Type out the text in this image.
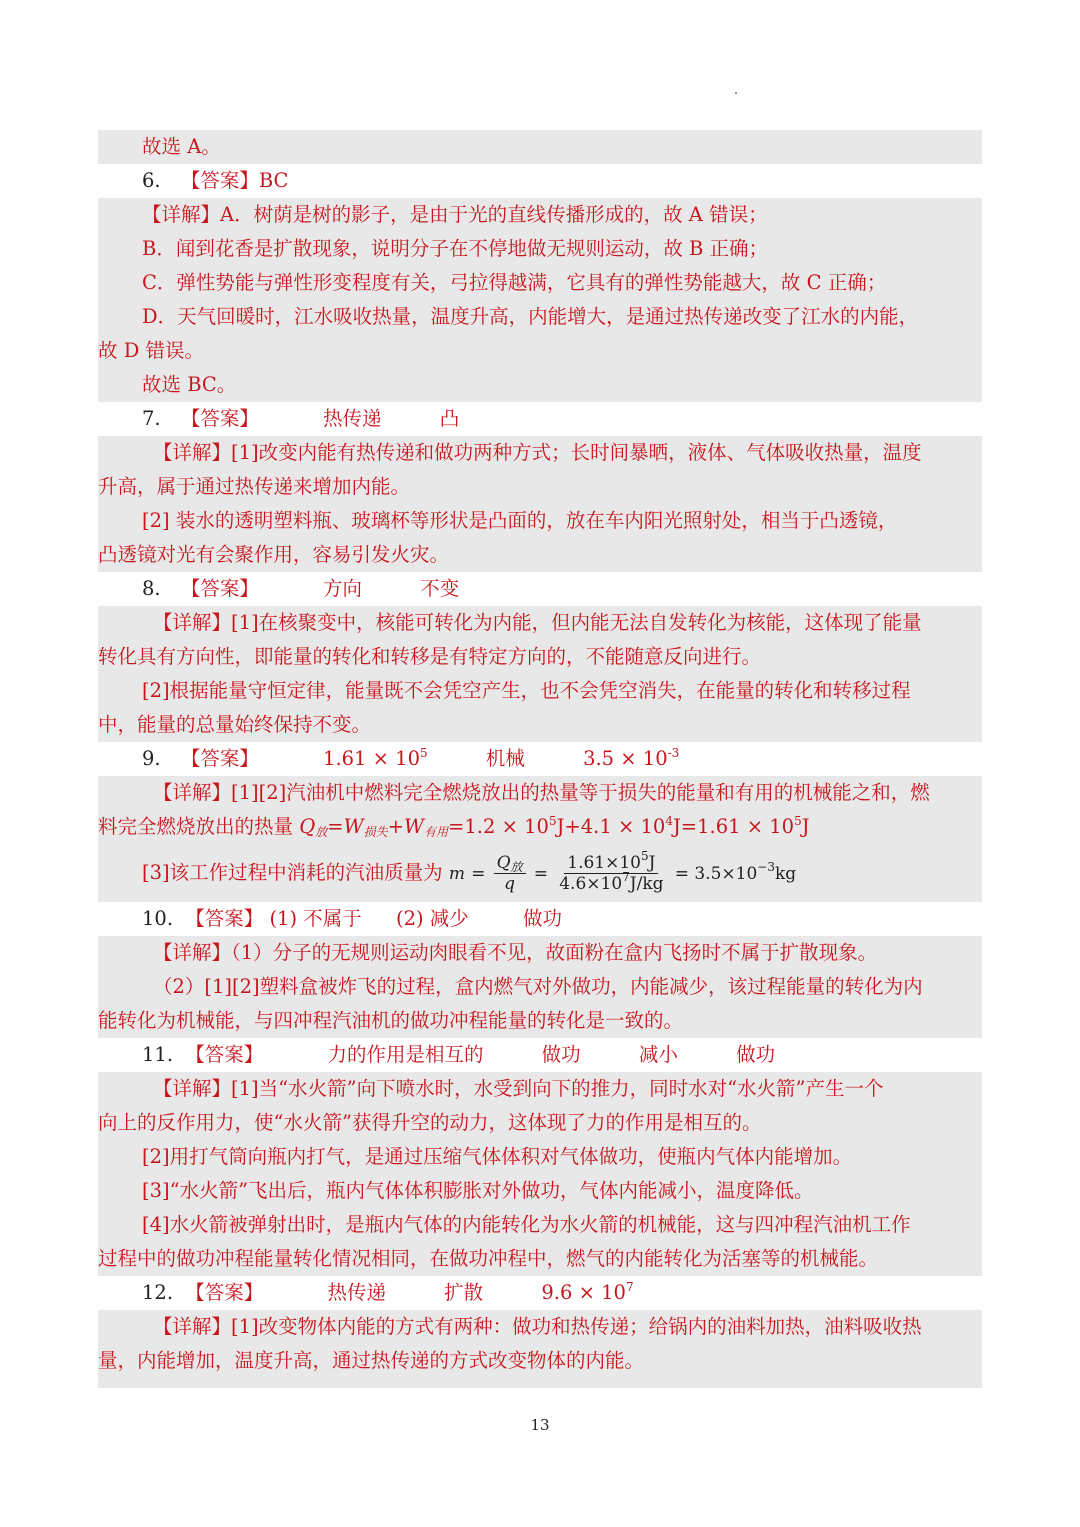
故选 A。
6. 【答案】BC
【详解】A．树荫是树的影子，是由于光的直线传播形成的，故 A 错误；
B．闻到花香是扩散现象，说明分子在不停地做无规则运动，故 B 正确；
C．弹性势能与弹性形变程度有关，弓拉得越满，它具有的弹性势能越大，故 C 正确；
D．天气回暖时，江水吸收热量，温度升高，内能增大，是通过热传递改变了江水的内能，
故 D 错误。
故选 BC。
7. 【答案】	热传递	凸
【详解】[1]改变内能有热传递和做功两种方式；长时间暴晒，液体、气体吸收热量，温度
升高，属于通过热传递来增加内能。
[2] 装水的透明塑料瓶、玻璃杯等形状是凸面的，放在车内阳光照射处，相当于凸透镜，
凸透镜对光有会聚作用，容易引发火灾。
8. 【答案】	方向	不变
【详解】[1]在核聚变中，核能可转化为内能，但内能无法自发转化为核能，这体现了能量
转化具有方向性，即能量的转化和转移是有特定方向的，不能随意反向进行。
[2]根据能量守恒定律，能量既不会凭空产生，也不会凭空消失，在能量的转化和转移过程
中，能量的总量始终保持不变。
9. 【答案】	$1.61 \times 10^5$	机械	$3.5 \times 10^{-3}$
【详解】[1][2]汽油机中燃料完全燃烧放出的热量等于损失的能量和有用的机械能之和，燃
料完全燃烧放出的热量 $Q_放=W_{损失}+W_{有用}=1.2 \times 10^5J+4.1 \times 10^4J=1.61 \times 10^5J$
[3]该工作过程中消耗的汽油质量为 $m = \frac{Q_放}{q} = \frac{1.61\times 10^5J}{4.6\times 10^7J/kg} = 3.5\times 10^{-3}kg$
10. 【答案】 (1) 不属于 (2) 减少	做功
【详解】（1）分子的无规则运动肉眼看不见，故面粉在盒内飞扬时不属于扩散现象。
（2）[1][2]塑料盒被炸飞的过程，盒内燃气对外做功，内能减少，该过程能量的转化为内
能转化为机械能，与四冲程汽油机的做功冲程能量的转化是一致的。
11. 【答案】	力的作用是相互的	做功	减小	做功
【详解】[1]当“水火箭”向下喷水时，水受到向下的推力，同时水对“水火箭”产生一个
向上的反作用力，使“水火箭”获得升空的动力，这体现了力的作用是相互的。
[2]用打气筒向瓶内打气，是通过压缩气体体积对气体做功，使瓶内气体内能增加。
[3]“水火箭”飞出后，瓶内气体体积膨胀对外做功，气体内能减小，温度降低。
[4]水火箭被弹射出时，是瓶内气体的内能转化为水火箭的机械能，这与四冲程汽油机工作
过程中的做功冲程能量转化情况相同，在做功冲程中，燃气的内能转化为活塞等的机械能。
12. 【答案】	热传递	扩散	$9.6 \times 10^7$
【详解】[1]改变物体内能的方式有两种：做功和热传递；给锅内的油料加热，油料吸收热
量，内能增加，温度升高，通过热传递的方式改变物体的内能。
13
